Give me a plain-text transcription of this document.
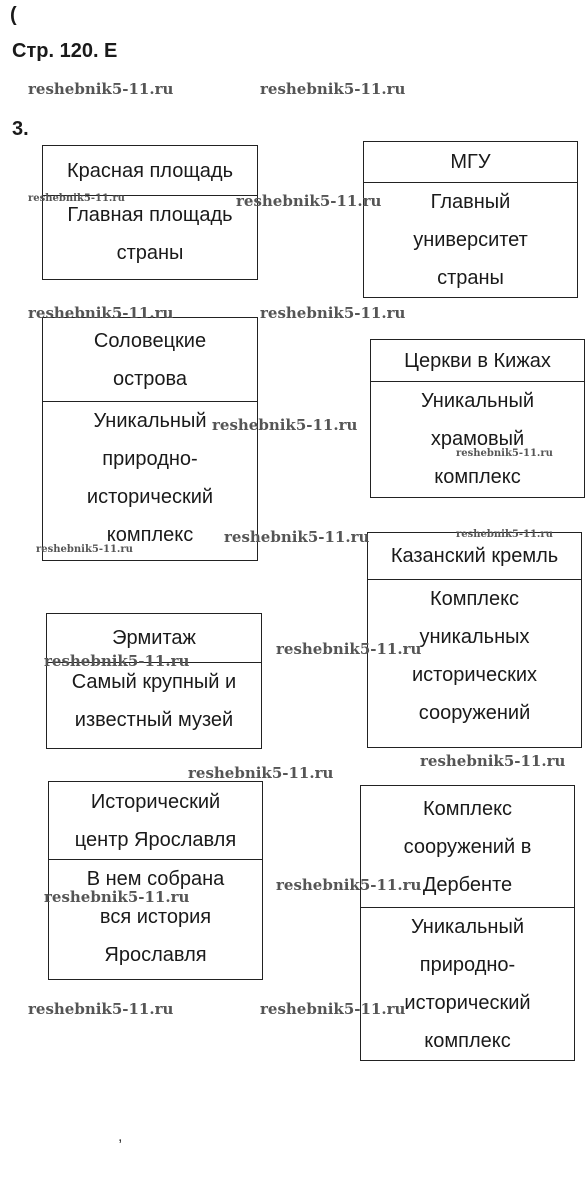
(
Стр. 120. Е
3.
Красная площадь
Главная площадь страны
МГУ
Главный университет страны
Соловецкие острова
Уникальный природно-исторический комплекс
Церкви в Кижах
Уникальный храмовый комплекс
Казанский кремль
Комплекс уникальных исторических сооружений
Эрмитаж
Самый крупный и известный музей
Исторический центр Ярославля
В нем собрана вся история Ярославля
Комплекс сооружений в Дербенте
Уникальный природно-исторический комплекс
reshebnik5-11.ru	reshebnik5-11.ru
reshebnik5-11.ru	reshebnik5-11.ru
reshebnik5-11.ru	reshebnik5-11.ru
reshebnik5-11.ru
reshebnik5-11.ru
reshebnik5-11.ru	reshebnik5-11.ru
reshebnik5-11.ru
reshebnik5-11.ru
reshebnik5-11.ru
reshebnik5-11.ru
reshebnik5-11.ru
reshebnik5-11.ru
reshebnik5-11.ru
reshebnik5-11.ru	reshebnik5-11.ru
,
